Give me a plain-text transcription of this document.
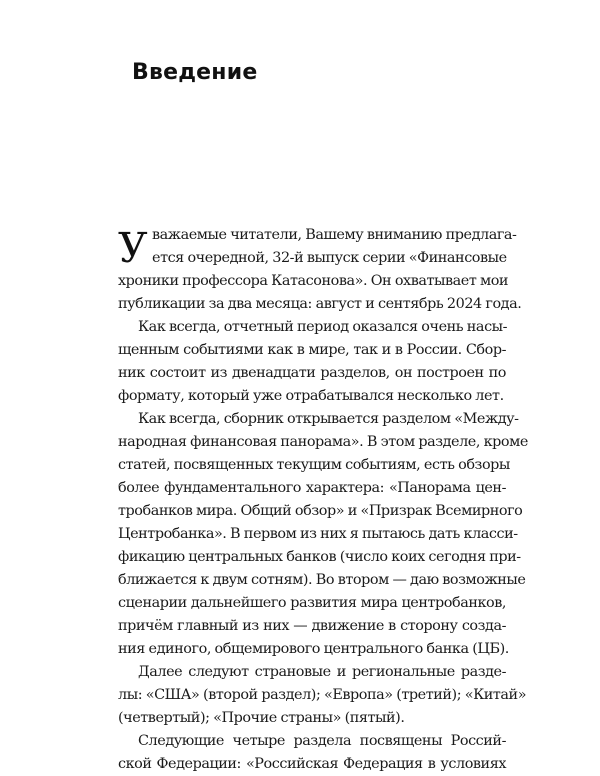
Введение
У важаемые читатели, Вашему вниманию предлага-
ется очередной, 32-й выпуск серии «Финансовые
хроники профессора Катасонова». Он охватывает мои
публикации за два месяца: август и сентябрь 2024 года.

Как всегда, отчетный период оказался очень насы-
щенным событиями как в мире, так и в России. Сбор-
ник состоит из двенадцати разделов, он построен по
формату, который уже отрабатывался несколько лет.

Как всегда, сборник открывается разделом «Между-
народная финансовая панорама». В этом разделе, кроме
статей, посвященных текущим событиям, есть обзоры
более фундаментального характера: «Панорама цен-
тробанков мира. Общий обзор» и «Призрак Всемирного
Центробанка». В первом из них я пытаюсь дать класси-
фикацию центральных банков (число коих сегодня при-
ближается к двум сотням). Во втором — даю возможные
сценарии дальнейшего развития мира центробанков,
причём главный из них — движение в сторону созда-
ния единого, общемирового центрального банка (ЦБ).

Далее следуют страновые и региональные разде-
лы: «США» (второй раздел); «Европа» (третий); «Китай»
(четвертый); «Прочие страны» (пятый).

Следующие четыре раздела посвящены Россий-
ской Федерации: «Российская Федерация в условиях
